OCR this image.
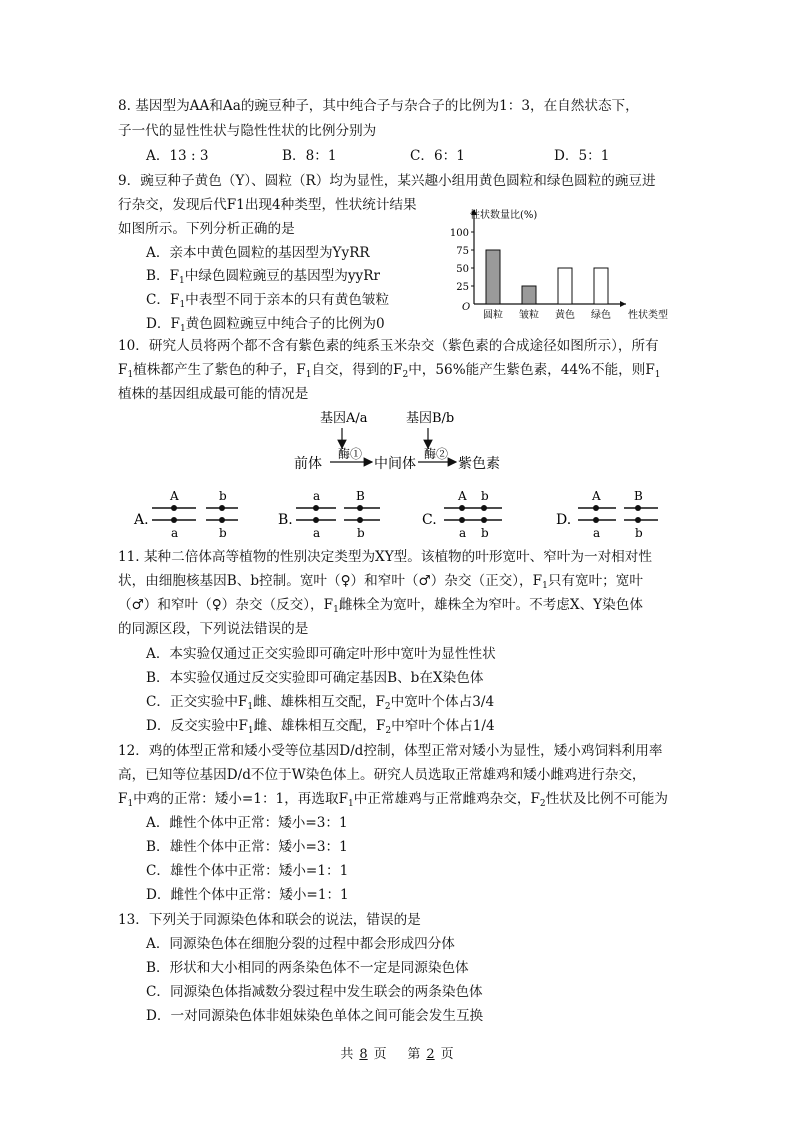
8. 基因型为AA和Aa的豌豆种子，其中纯合子与杂合子的比例为1：3，在自然状态下，
子一代的显性性状与隐性性状的比例分别为
A．13 : 3	B．8：1	C．6：1	D．5：1
9．豌豆种子黄色（Y）、圆粒（R）均为显性，某兴趣小组用黄色圆粒和绿色圆粒的豌豆进
行杂交，发现后代F1出现4种类型，性状统计结果
如图所示。下列分析正确的是
A．亲本中黄色圆粒的基因型为YyRR
B．$F_1$中绿色圆粒豌豆的基因型为yyRr
C．$F_1$中表型不同于亲本的只有黄色皱粒
D．$F_1$黄色圆粒豌豆中纯合子的比例为0
25
50
75
100
O
性状数量比(%)
性状类型
圆粒 皱粒 黄色 绿色
10．研究人员将两个都不含有紫色素的纯系玉米杂交（紫色素的合成途径如图所示），所有
$F_1$植株都产生了紫色的种子，$F_1$自交，得到的$F_2$中，56%能产生紫色素，44%不能，则$F_1$
植株的基因组成最可能的情况是
基因A/a	基因B/b
前体
酶①
中间体
酶②
紫色素
A.
A
a
b
b
B.
a
a
B
b
C.
A b
a b
D.
A
a
B
b
11. 某种二倍体高等植物的性别决定类型为XY型。该植物的叶形宽叶、窄叶为一对相对性
状，由细胞核基因B、b控制。宽叶（♀）和窄叶（♂）杂交（正交），$F_1$只有宽叶；宽叶
（♂）和窄叶（♀）杂交（反交），$F_1$雌株全为宽叶，雄株全为窄叶。不考虑X、Y染色体
的同源区段，下列说法错误的是
A．本实验仅通过正交实验即可确定叶形中宽叶为显性性状
B．本实验仅通过反交实验即可确定基因B、b在X染色体
C．正交实验中$F_1$雌、雄株相互交配，$F_2$中宽叶个体占3/4
D．反交实验中$F_1$雌、雄株相互交配，$F_2$中窄叶个体占1/4
12．鸡的体型正常和矮小受等位基因D/d控制，体型正常对矮小为显性，矮小鸡饲料利用率
高，已知等位基因D/d不位于W染色体上。研究人员选取正常雄鸡和矮小雌鸡进行杂交，
$F_1$中鸡的正常：矮小=1：1，再选取$F_1$中正常雄鸡与正常雌鸡杂交，$F_2$性状及比例不可能为
A．雌性个体中正常：矮小=3：1
B．雄性个体中正常：矮小=3：1
C．雄性个体中正常：矮小=1：1
D．雌性个体中正常：矮小=1：1
13．下列关于同源染色体和联会的说法，错误的是
A．同源染色体在细胞分裂的过程中都会形成四分体
B．形状和大小相同的两条染色体不一定是同源染色体
C．同源染色体指减数分裂过程中发生联会的两条染色体
D．一对同源染色体非姐妹染色单体之间可能会发生互换
共 8 页 第 2 页
